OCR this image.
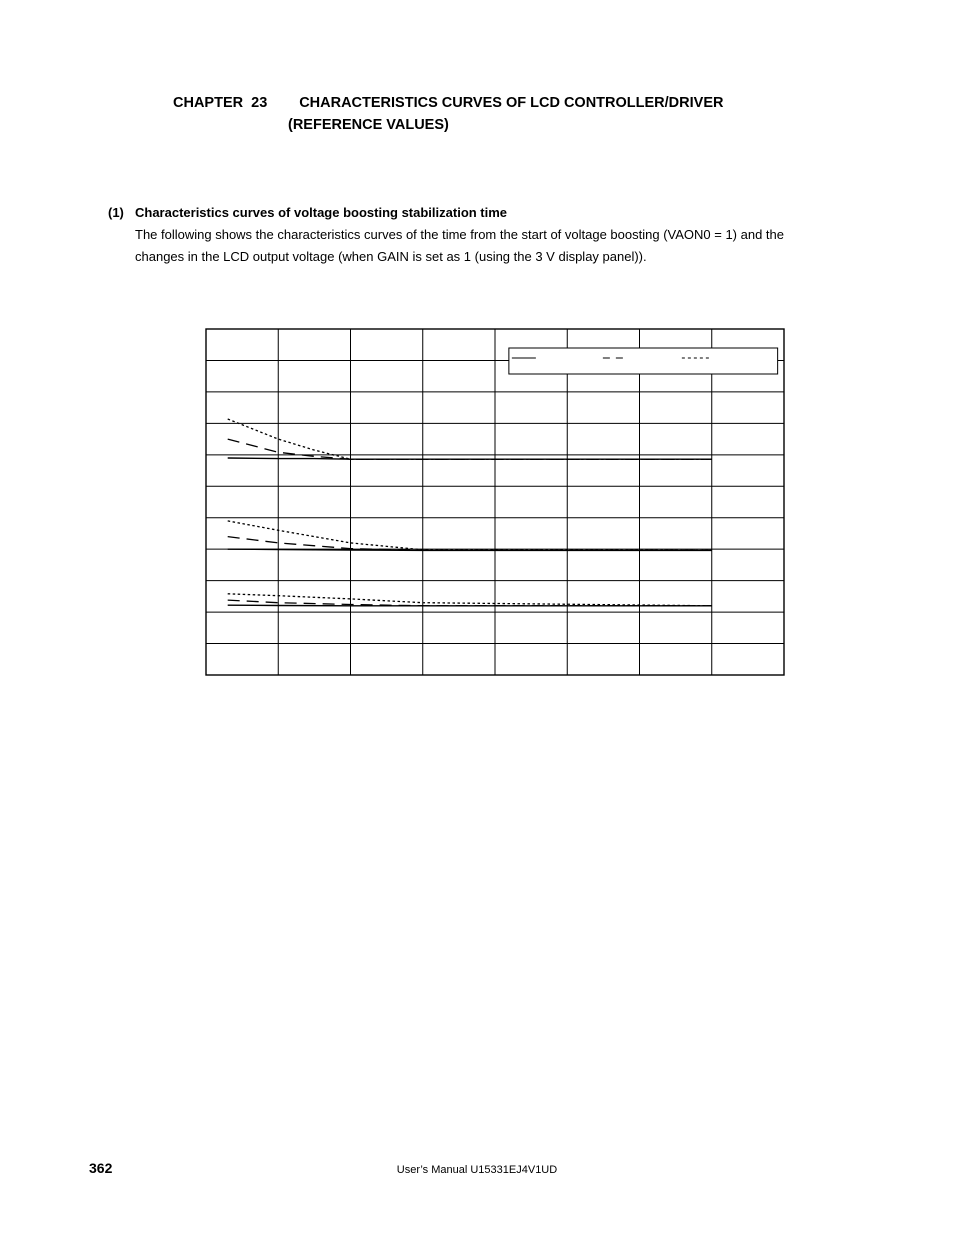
CHAPTER 23 CHARACTERISTICS CURVES OF LCD CONTROLLER/DRIVER
(REFERENCE VALUES)
(1) Characteristics curves of voltage boosting stabilization time
The following shows the characteristics curves of the time from the start of voltage boosting (VAON0 = 1) and the changes in the LCD output voltage (when GAIN is set as 1 (using the 3 V display panel)).
362	User’s Manual U15331EJ4V1UD
